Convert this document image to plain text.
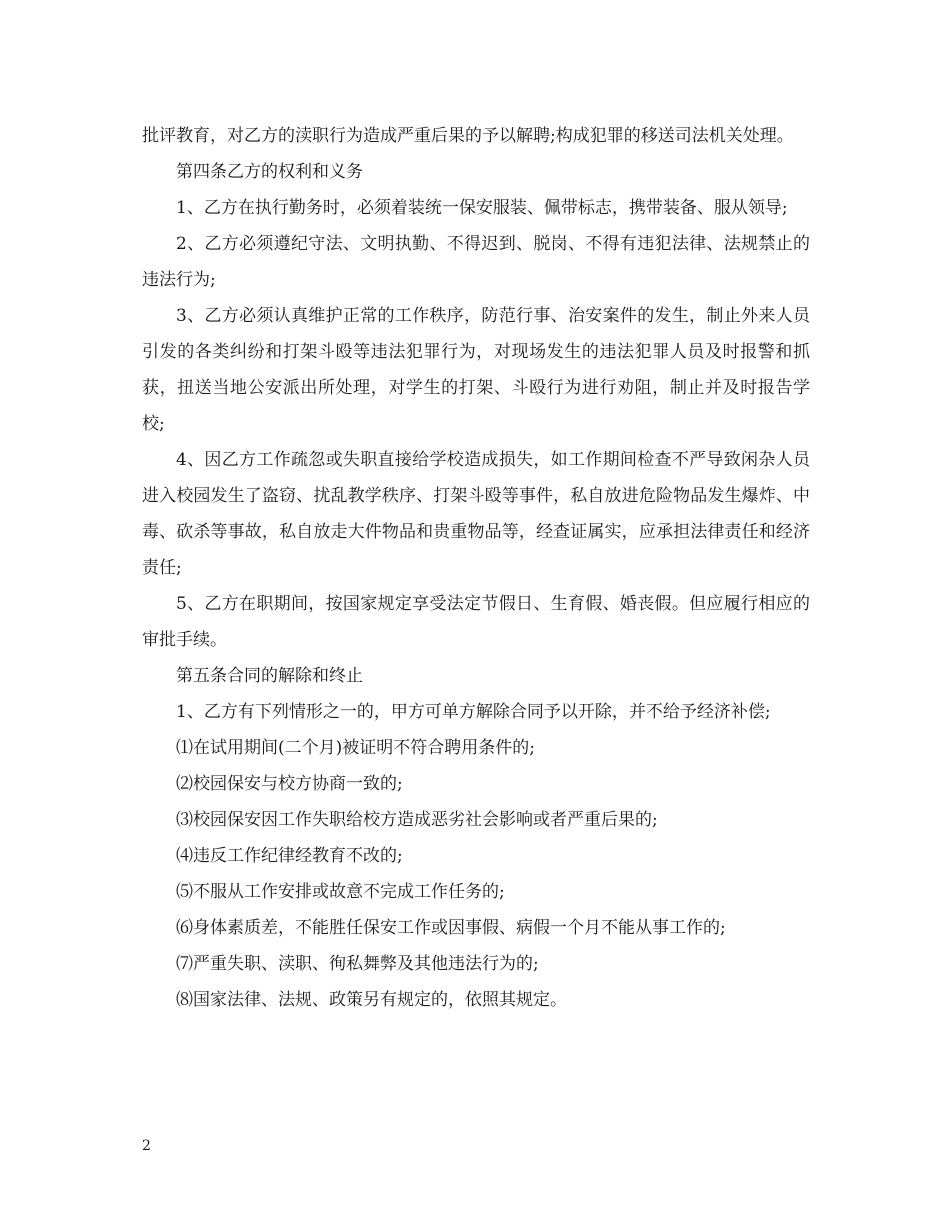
批评教育，对乙方的渎职行为造成严重后果的予以解聘;构成犯罪的移送司法机关处理。

第四条乙方的权利和义务

1、乙方在执行勤务时，必须着装统一保安服装、佩带标志，携带装备、服从领导;

2、乙方必须遵纪守法、文明执勤、不得迟到、脱岗、不得有违犯法律、法规禁止的违法行为;

3、乙方必须认真维护正常的工作秩序，防范行事、治安案件的发生，制止外来人员引发的各类纠纷和打架斗殴等违法犯罪行为，对现场发生的违法犯罪人员及时报警和抓获，扭送当地公安派出所处理，对学生的打架、斗殴行为进行劝阻，制止并及时报告学校;

4、因乙方工作疏忽或失职直接给学校造成损失，如工作期间检查不严导致闲杂人员进入校园发生了盗窃、扰乱教学秩序、打架斗殴等事件，私自放进危险物品发生爆炸、中毒、砍杀等事故，私自放走大件物品和贵重物品等，经查证属实，应承担法律责任和经济责任;

5、乙方在职期间，按国家规定享受法定节假日、生育假、婚丧假。但应履行相应的审批手续。

第五条合同的解除和终止

1、乙方有下列情形之一的，甲方可单方解除合同予以开除，并不给予经济补偿;

⑴在试用期间(二个月)被证明不符合聘用条件的;

⑵校园保安与校方协商一致的;

⑶校园保安因工作失职给校方造成恶劣社会影响或者严重后果的;

⑷违反工作纪律经教育不改的;

⑸不服从工作安排或故意不完成工作任务的;

⑹身体素质差，不能胜任保安工作或因事假、病假一个月不能从事工作的;

⑺严重失职、渎职、徇私舞弊及其他违法行为的;

⑻国家法律、法规、政策另有规定的，依照其规定。

2
